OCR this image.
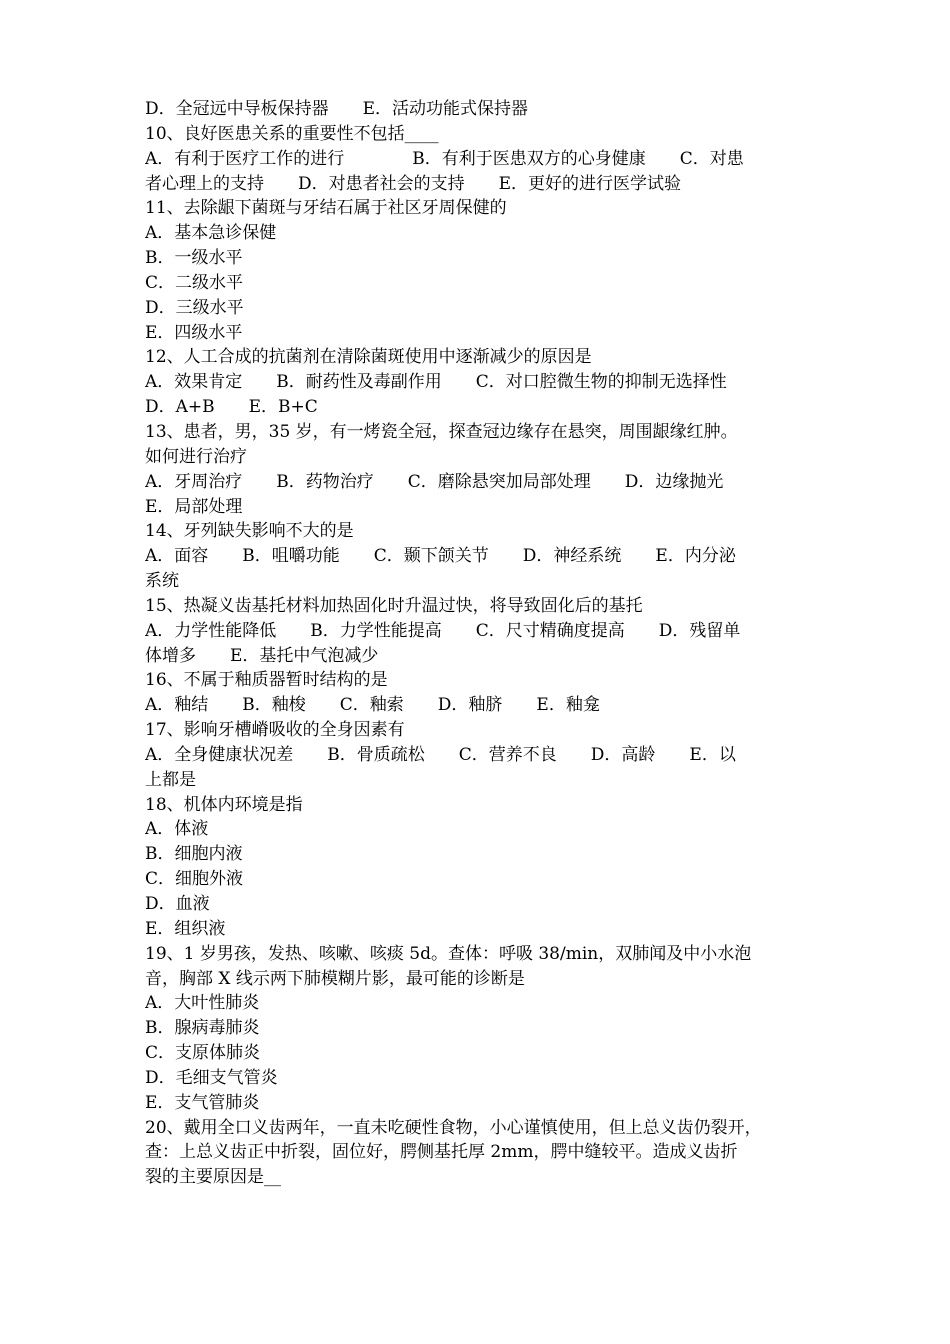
D．全冠远中导板保持器　　E．活动功能式保持器
10、良好医患关系的重要性不包括____
A．有利于医疗工作的进行　　　　B．有利于医患双方的心身健康　　C．对患
者心理上的支持　　D．对患者社会的支持　　E．更好的进行医学试验
11、去除龈下菌斑与牙结石属于社区牙周保健的
A．基本急诊保健
B．一级水平
C．二级水平
D．三级水平
E．四级水平
12、人工合成的抗菌剂在清除菌斑使用中逐渐减少的原因是
A．效果肯定　　B．耐药性及毒副作用　　C．对口腔微生物的抑制无选择性
D．A+B　　E．B+C
13、患者，男，35 岁，有一烤瓷全冠，探查冠边缘存在悬突，周围龈缘红肿。
如何进行治疗
A．牙周治疗　　B．药物治疗　　C．磨除悬突加局部处理　　D．边缘抛光
E．局部处理
14、牙列缺失影响不大的是
A．面容　　B．咀嚼功能　　C．颞下颌关节　　D．神经系统　　E．内分泌
系统
15、热凝义齿基托材料加热固化时升温过快，将导致固化后的基托
A．力学性能降低　　B．力学性能提高　　C．尺寸精确度提高　　D．残留单
体增多　　E．基托中气泡减少
16、不属于釉质器暂时结构的是
A．釉结　　B．釉梭　　C．釉索　　D．釉脐　　E．釉龛
17、影响牙槽嵴吸收的全身因素有
A．全身健康状况差　　B．骨质疏松　　C．营养不良　　D．高龄　　E．以
上都是
18、机体内环境是指
A．体液
B．细胞内液
C．细胞外液
D．血液
E．组织液
19、1 岁男孩，发热、咳嗽、咳痰 5d。查体：呼吸 38/min，双肺闻及中小水泡
音，胸部 X 线示两下肺模糊片影，最可能的诊断是
A．大叶性肺炎
B．腺病毒肺炎
C．支原体肺炎
D．毛细支气管炎
E．支气管肺炎
20、戴用全口义齿两年，一直未吃硬性食物，小心谨慎使用，但上总义齿仍裂开，
查：上总义齿正中折裂，固位好，腭侧基托厚 2mm，腭中缝较平。造成义齿折
裂的主要原因是__
